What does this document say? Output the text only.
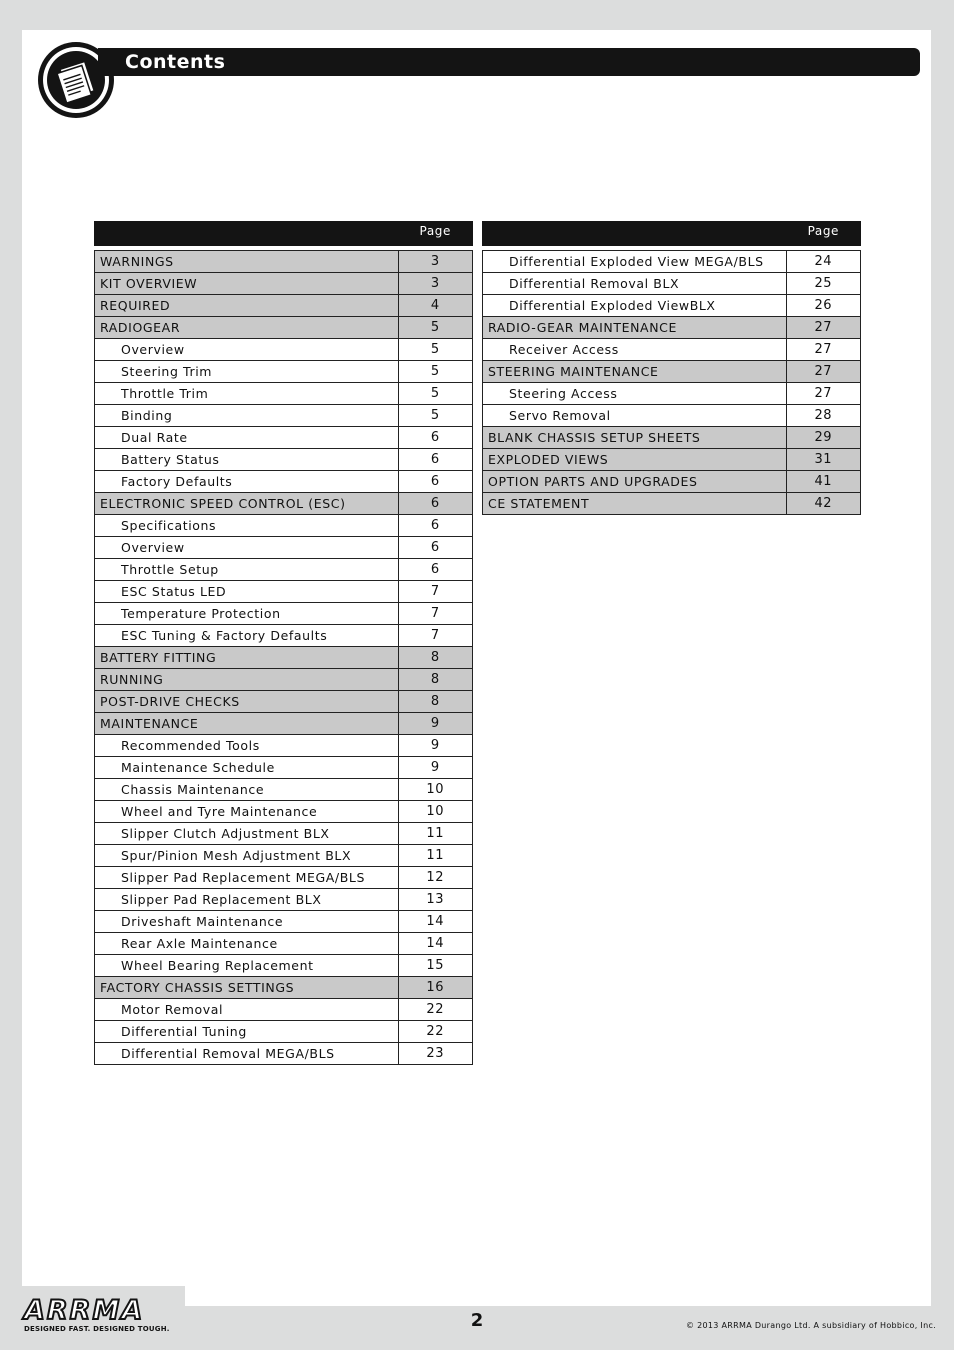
Contents
	Page

WARNINGS	3
KIT OVERVIEW	3
REQUIRED	4
RADIOGEAR	5
Overview	5
Steering Trim	5
Throttle Trim	5
Binding	5
Dual Rate	6
Battery Status	6
Factory Defaults	6
ELECTRONIC SPEED CONTROL (ESC)	6
Specifications	6
Overview	6
Throttle Setup	6
ESC Status LED	7
Temperature Protection	7
ESC Tuning & Factory Defaults	7
BATTERY FITTING	8
RUNNING	8
POST-DRIVE CHECKS	8
MAINTENANCE	9
Recommended Tools	9
Maintenance Schedule	9
Chassis Maintenance	10
Wheel and Tyre Maintenance	10
Slipper Clutch Adjustment BLX	11
Spur/Pinion Mesh Adjustment BLX	11
Slipper Pad Replacement MEGA/BLS	12
Slipper Pad Replacement BLX	13
Driveshaft Maintenance	14
Rear Axle Maintenance	14
Wheel Bearing Replacement	15
FACTORY CHASSIS SETTINGS	16
Motor Removal	22
Differential Tuning	22
Differential Removal MEGA/BLS	23
	Page

Differential Exploded View MEGA/BLS	24
Differential Removal BLX	25
Differential Exploded ViewBLX	26
RADIO-GEAR MAINTENANCE	27
Receiver Access	27
STEERING MAINTENANCE	27
Steering Access	27
Servo Removal	28
BLANK CHASSIS SETUP SHEETS	29
EXPLODED VIEWS	31
OPTION PARTS AND UPGRADES	41
CE STATEMENT	42
ARRMA
DESIGNED FAST. DESIGNED TOUGH.	2	© 2013 ARRMA Durango Ltd. A subsidiary of Hobbico, Inc.
